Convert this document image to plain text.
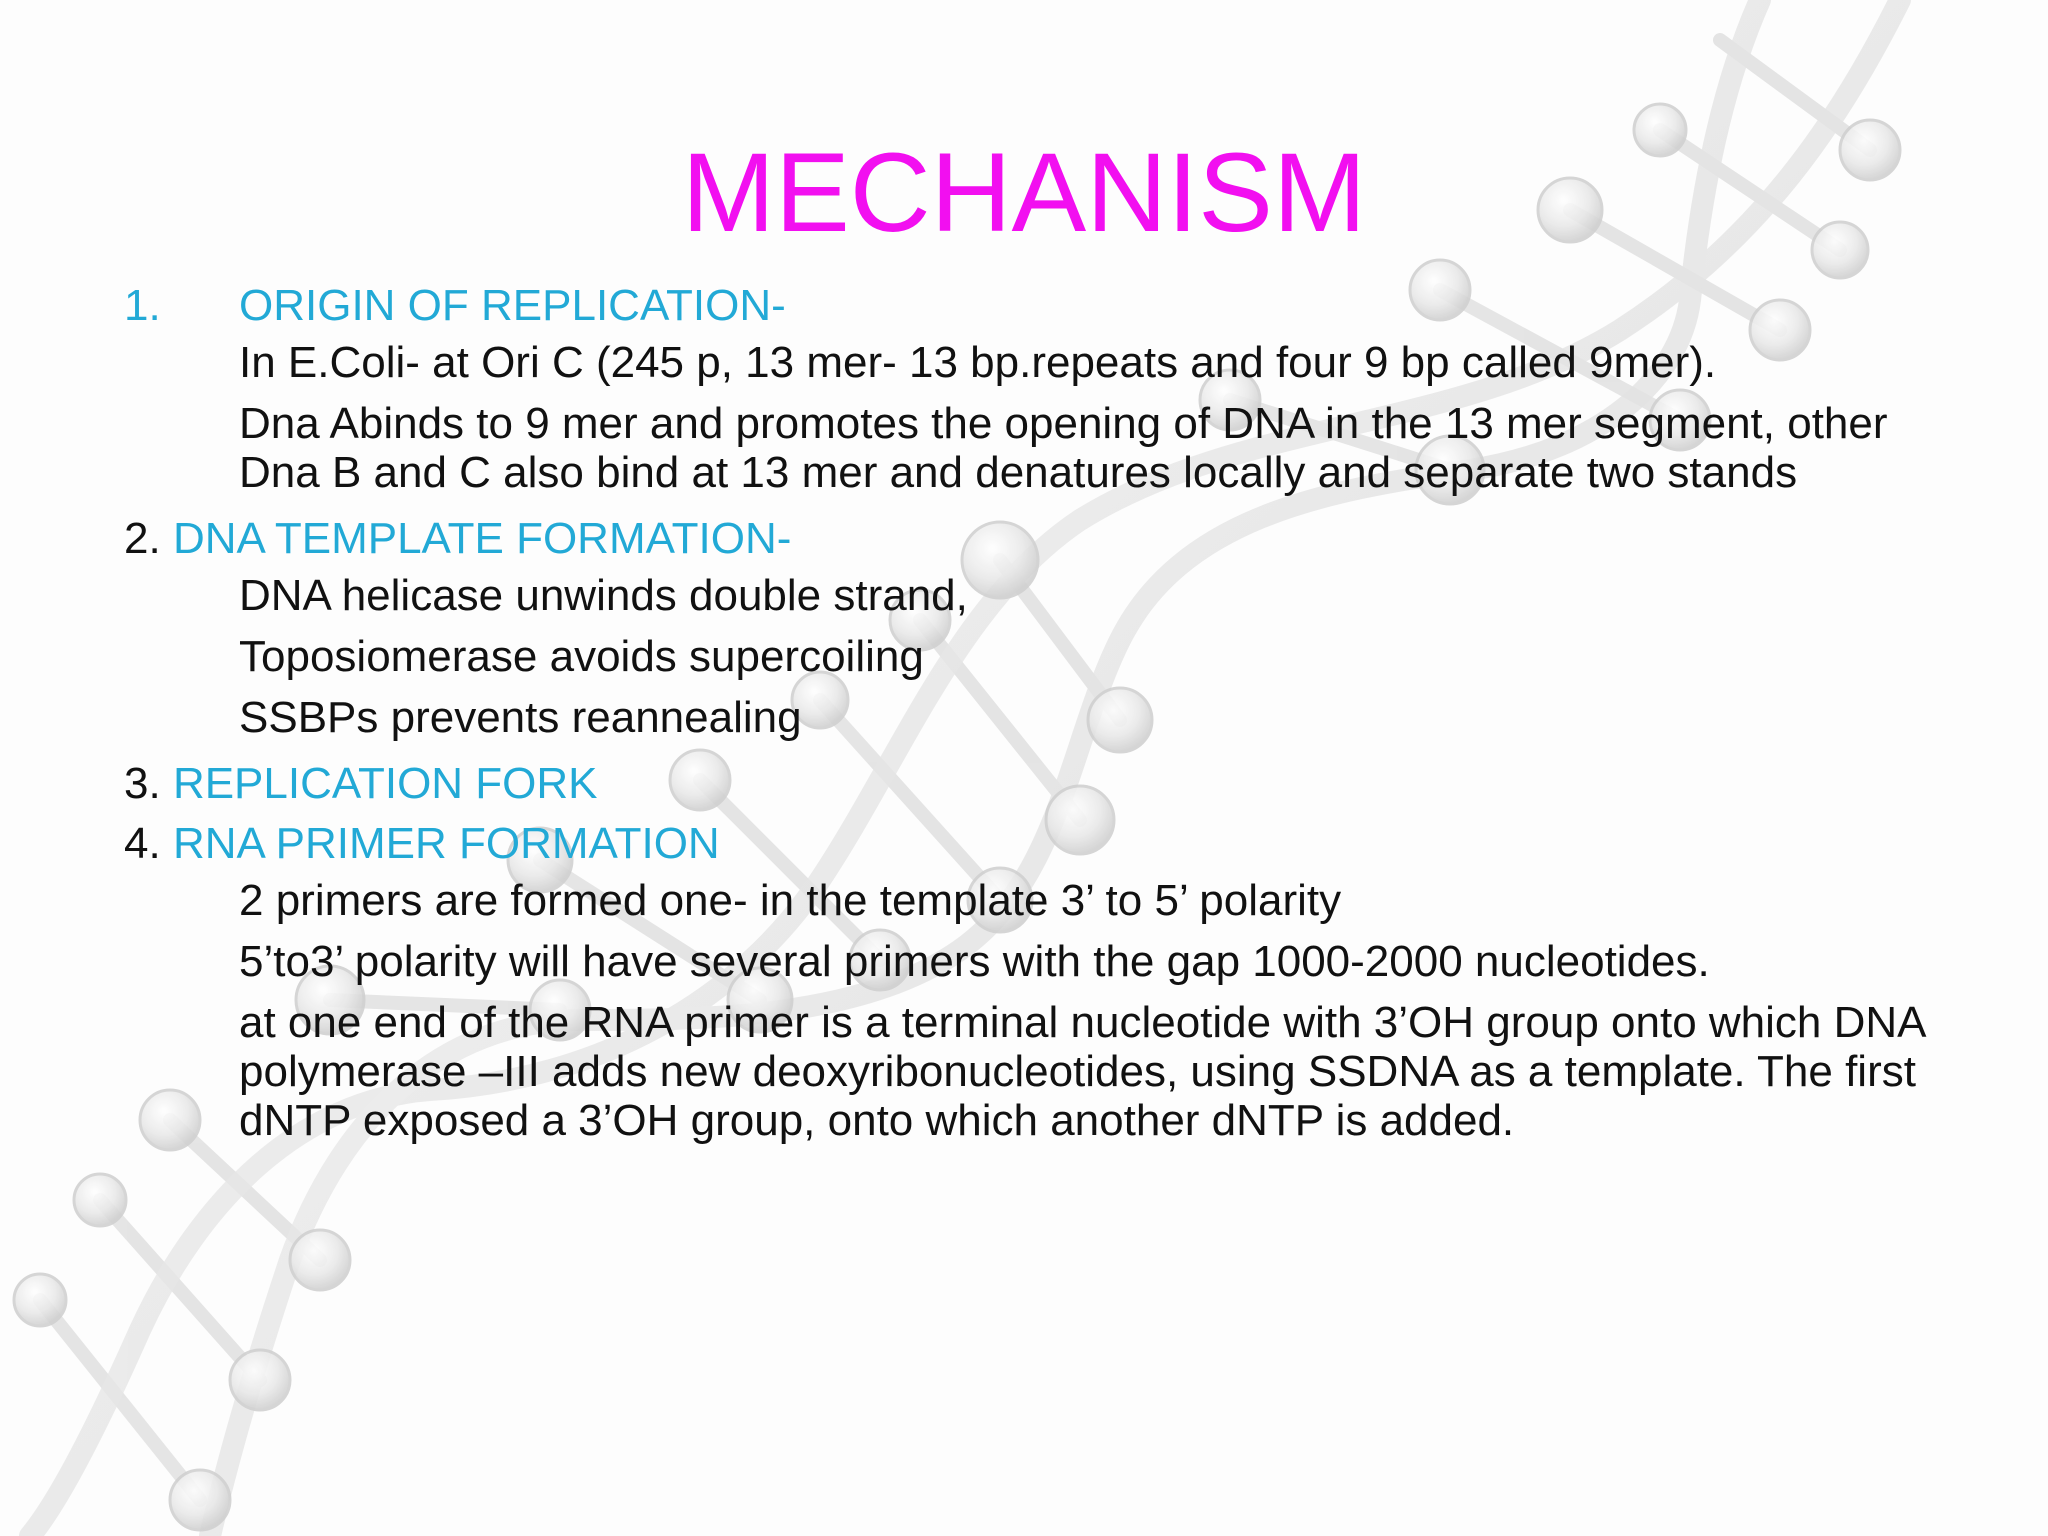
MECHANISM
1. ORIGIN OF REPLICATION-
In E.Coli- at Ori C (245 p, 13 mer- 13 bp.repeats and four 9 bp called 9mer).
Dna Abinds to 9 mer and promotes the opening of DNA in the 13 mer segment, other Dna B and C also bind at 13 mer and denatures locally and separate two stands
2. DNA TEMPLATE FORMATION-
DNA helicase unwinds double strand,
Toposiomerase avoids supercoiling
SSBPs prevents reannealing
3. REPLICATION FORK
4. RNA PRIMER FORMATION
2 primers are formed one- in the template 3’ to 5’ polarity
5’to3’ polarity will have several primers with the gap 1000-2000 nucleotides.
at one end of the RNA primer is a terminal nucleotide with 3’OH group onto which DNA polymerase –III adds new deoxyribonucleotides, using SSDNA as a template. The first dNTP exposed a 3’OH group, onto which another dNTP is added.
